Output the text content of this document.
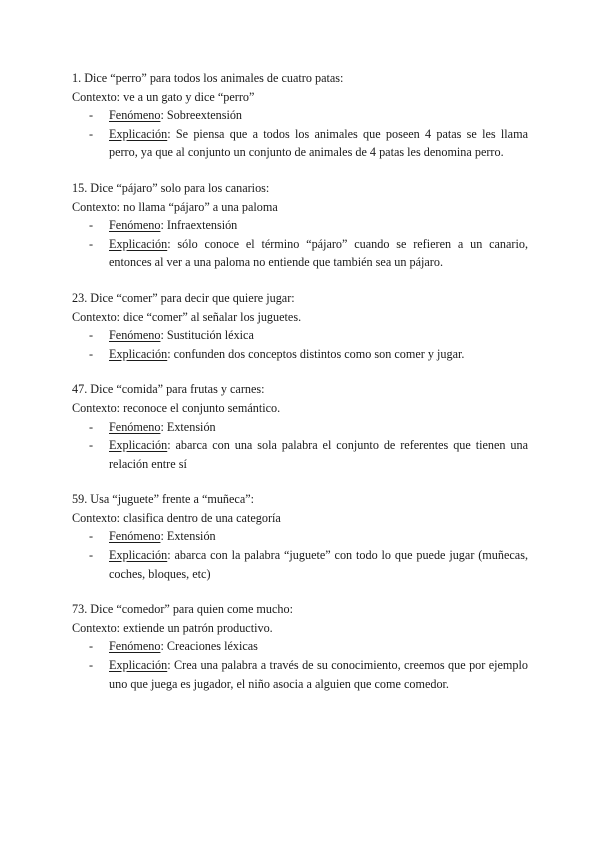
1. Dice “perro” para todos los animales de cuatro patas:

Contexto: ve a un gato y dice “perro”

- Fenómeno: Sobreextensión
- Explicación: Se piensa que a todos los animales que poseen 4 patas se les llama perro, ya que al conjunto un conjunto de animales de 4 patas les denomina perro.

15. Dice “pájaro” solo para los canarios:

Contexto: no llama “pájaro” a una paloma

- Fenómeno: Infraextensión
- Explicación: sólo conoce el término “pájaro” cuando se refieren a un canario, entonces al ver a una paloma no entiende que también sea un pájaro.

23. Dice “comer” para decir que quiere jugar:

Contexto: dice “comer” al señalar los juguetes.

- Fenómeno: Sustitución léxica
- Explicación: confunden dos conceptos distintos como son comer y jugar.

47. Dice “comida” para frutas y carnes:

Contexto: reconoce el conjunto semántico.

- Fenómeno: Extensión
- Explicación: abarca con una sola palabra el conjunto de referentes que tienen una relación entre sí

59. Usa “juguete” frente a “muñeca”:

Contexto: clasifica dentro de una categoría

- Fenómeno: Extensión
- Explicación: abarca con la palabra “juguete” con todo lo que puede jugar (muñecas, coches, bloques, etc)

73. Dice “comedor” para quien come mucho:

Contexto: extiende un patrón productivo.

- Fenómeno: Creaciones léxicas
- Explicación: Crea una palabra a través de su conocimiento, creemos que por ejemplo uno que juega es jugador, el niño asocia a alguien que come comedor.
